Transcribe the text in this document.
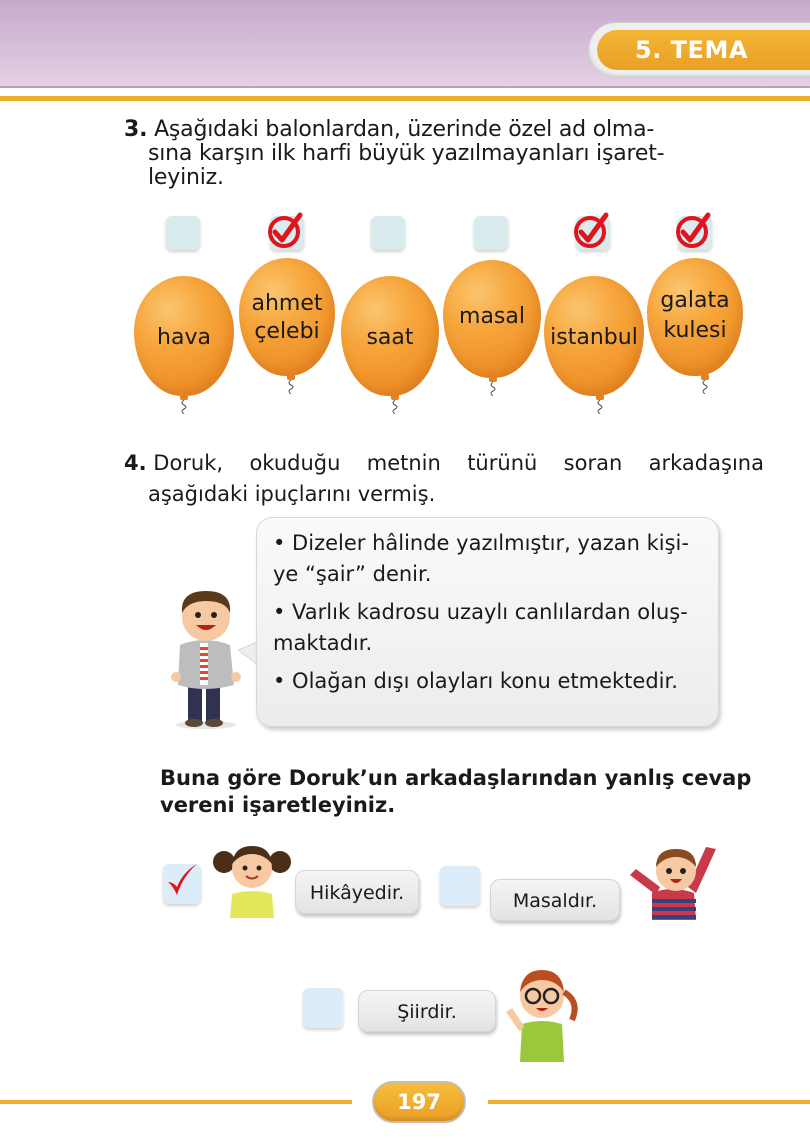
5. TEMA
3. Aşağıdaki balonlardan, üzerinde özel ad olma-
sına karşın ilk harfi büyük yazılmayanları işaret-
leyiniz.
hava
ahmet
çelebi	saat
masal
istanbul
galata
kulesi
4. Doruk, okuduğu metnin türünü soran arkadaşına
aşağıdaki ipuçlarını vermiş.
• Dizeler hâlinde yazılmıştır, yazan kişi-
ye “şair” denir.
• Varlık kadrosu uzaylı canlılardan oluş-
maktadır.
• Olağan dışı olayları konu etmektedir.
Buna göre Doruk’un arkadaşlarından yanlış cevap
vereni işaretleyiniz.
Hikâyedir.	Masaldır.
Şiirdir.
197
